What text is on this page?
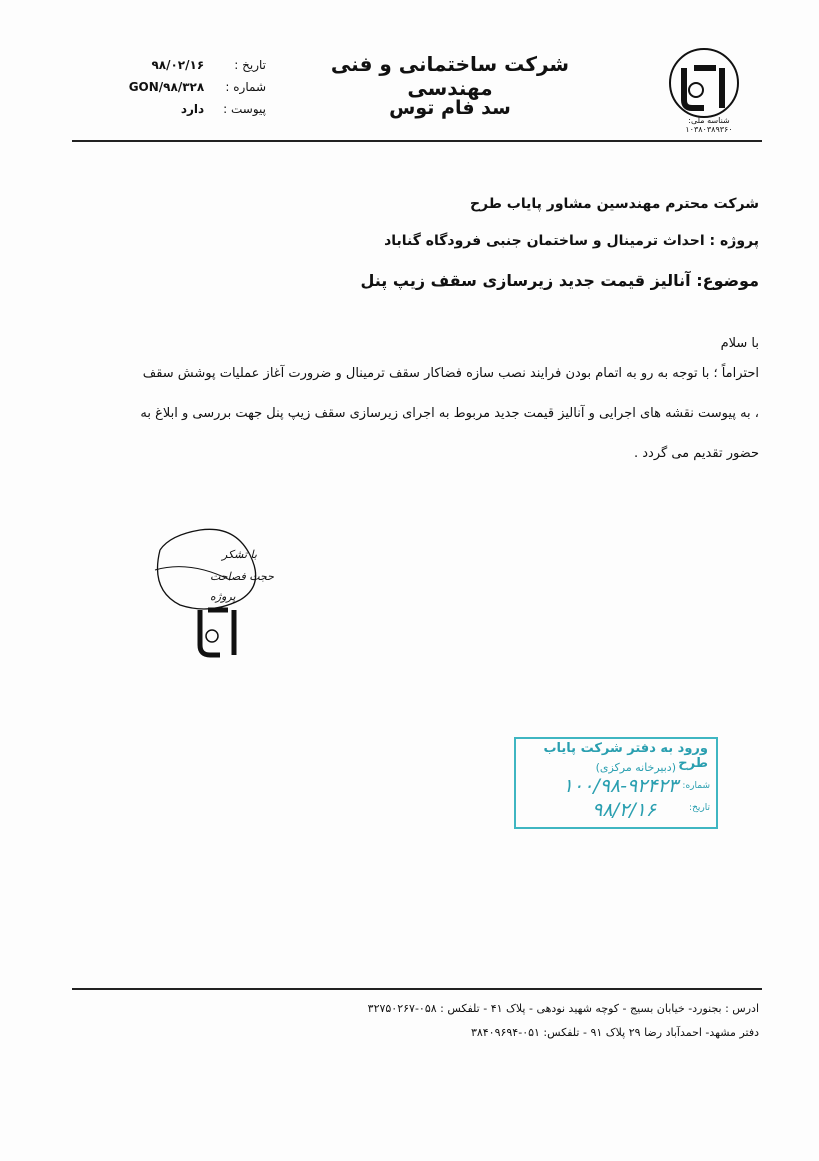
شناسه ملی: ۱۰۳۸۰۳۸۹۳۶۰
شرکت ساختمانی و فنی مهندسی
سد فام توس
تاریخ : ۹۸/۰۲/۱۶
شماره : GON/۹۸/۳۲۸
پیوست : دارد
شرکت محترم مهندسین مشاور پایاب طرح
پروژه : احداث ترمینال و ساختمان جنبی فرودگاه گناباد
موضوع: آنالیز قیمت جدید زیرسازی سقف زیپ پنل
با سلام
احتراماً ؛ با توجه به رو به اتمام بودن فرایند نصب سازه فضاکار سقف ترمینال و ضرورت آغاز عملیات پوشش سقف
، به پیوست نقشه های اجرایی و آنالیز قیمت جدید مربوط به اجرای زیرسازی سقف زیپ پنل جهت بررسی و ابلاغ به
حضور تقدیم می گردد .
با تشکر
حجت فصاحت
پروژه
ورود به دفتر شرکت پایاب طرح
(دبیرخانه مرکزی)
شماره:
۱۰۰/۹۸-۹۲۴۲۳
تاریخ:
۹۸/۲/۱۶
ادرس : بجنورد- خیابان بسیج - کوچه شهید نودهی - پلاک ۴۱ - تلفکس : ۰۵۸-۳۲۷۵۰۲۶۷
دفتر مشهد- احمدآباد رضا ۲۹ پلاک ۹۱ - تلفکس: ۰۵۱-۳۸۴۰۹۶۹۴
